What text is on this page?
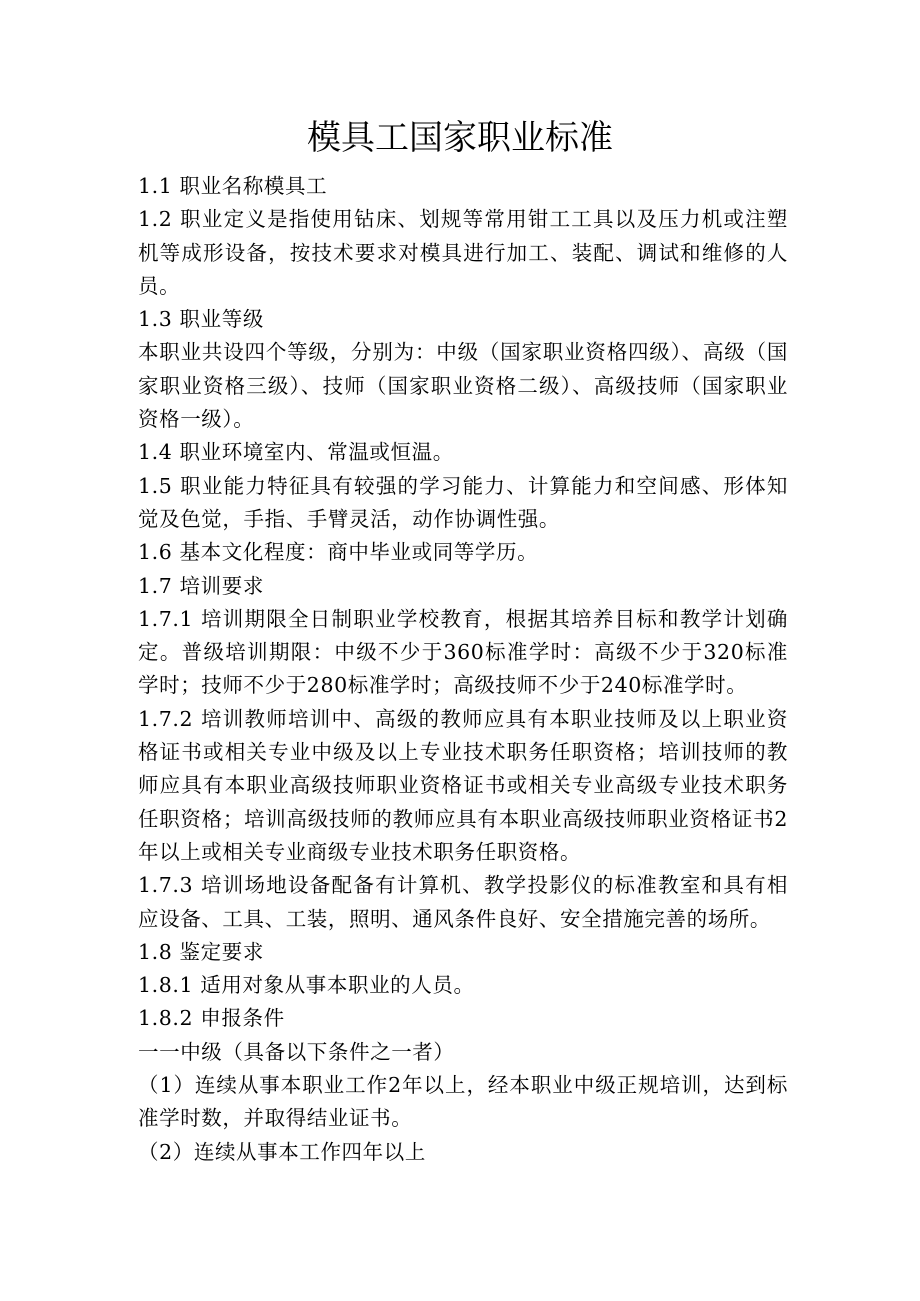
模具工国家职业标准

1.1 职业名称模具工

1.2 职业定义是指使用钻床、划规等常用钳工工具以及压力机或注塑机等成形设备，按技术要求对模具进行加工、装配、调试和维修的人员。

1.3 职业等级

本职业共设四个等级，分别为：中级（国家职业资格四级）、高级（国家职业资格三级）、技师（国家职业资格二级）、高级技师（国家职业资格一级）。

1.4 职业环境室内、常温或恒温。

1.5 职业能力特征具有较强的学习能力、计算能力和空间感、形体知觉及色觉，手指、手臂灵活，动作协调性强。

1.6 基本文化程度：商中毕业或同等学历。

1.7 培训要求

1.7.1 培训期限全日制职业学校教育，根据其培养目标和教学计划确定。普级培训期限：中级不少于360标准学时：高级不少于320标准学时；技师不少于280标准学时；高级技师不少于240标准学时。

1.7.2 培训教师培训中、高级的教师应具有本职业技师及以上职业资格证书或相关专业中级及以上专业技术职务任职资格；培训技师的教师应具有本职业高级技师职业资格证书或相关专业高级专业技术职务任职资格；培训高级技师的教师应具有本职业高级技师职业资格证书2年以上或相关专业商级专业技术职务任职资格。

1.7.3 培训场地设备配备有计算机、教学投影仪的标准教室和具有相应设备、工具、工装，照明、通风条件良好、安全措施完善的场所。

1.8 鉴定要求

1.8.1 适用对象从事本职业的人员。

1.8.2 申报条件

一一中级（具备以下条件之一者）

（1）连续从事本职业工作2年以上，经本职业中级正规培训，达到标准学时数，并取得结业证书。

（2）连续从事本工作四年以上
